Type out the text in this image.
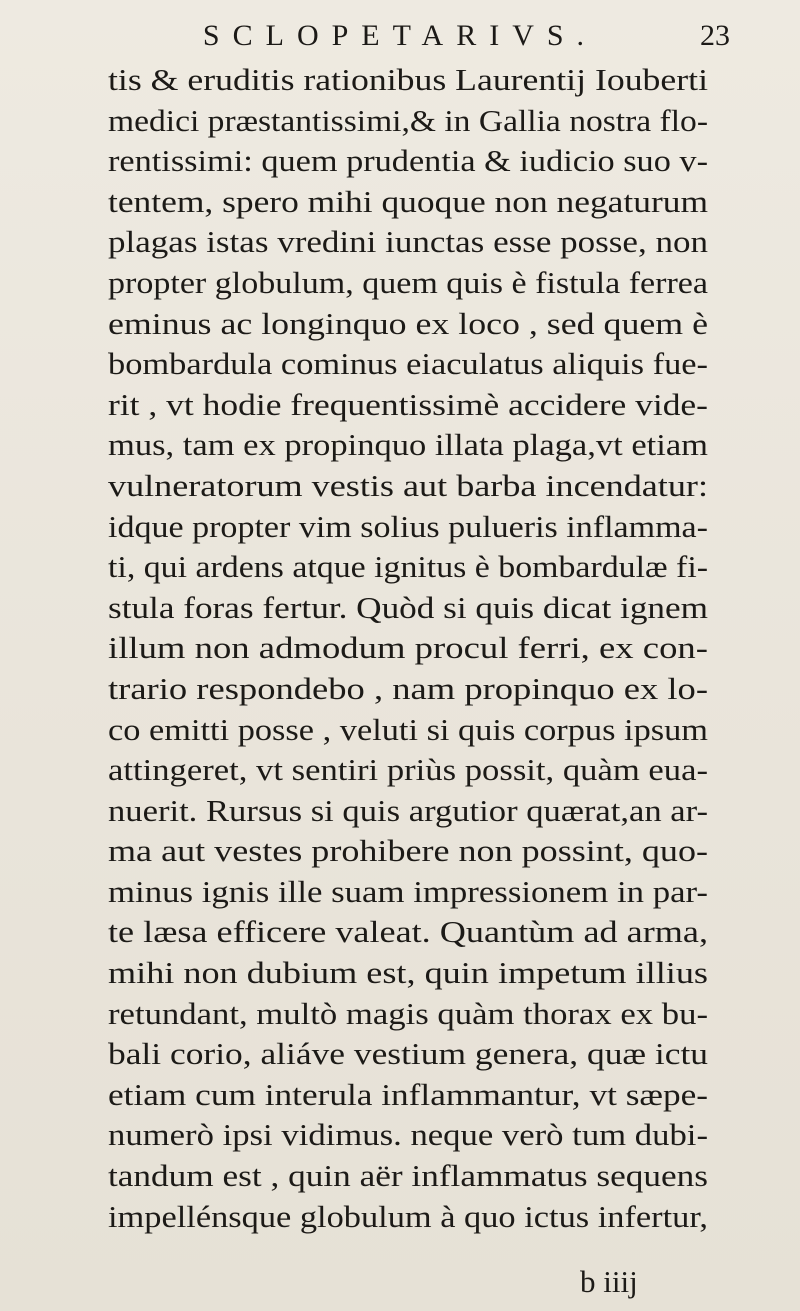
SCLOPETARIVS.	23
tis & eruditis rationibus Laurentij Iouberti
medici præstantissimi,& in Gallia nostra flo-
rentissimi: quem prudentia & iudicio suo v-
tentem, spero mihi quoque non negaturum
plagas istas vredini iunctas esse posse, non
propter globulum, quem quis è fistula ferrea
eminus ac longinquo ex loco , sed quem è
bombardula cominus eiaculatus aliquis fue-
rit , vt hodie frequentissimè accidere vide-
mus, tam ex propinquo illata plaga,vt etiam
vulneratorum vestis aut barba incendatur:
idque propter vim solius pulueris inflamma-
ti, qui ardens atque ignitus è bombardulæ fi-
stula foras fertur. Quòd si quis dicat ignem
illum non admodum procul ferri, ex con-
trario respondebo , nam propinquo ex lo-
co emitti posse , veluti si quis corpus ipsum
attingeret, vt sentiri priùs possit, quàm eua-
nuerit. Rursus si quis argutior quærat,an ar-
ma aut vestes prohibere non possint, quo-
minus ignis ille suam impressionem in par-
te læsa efficere valeat. Quantùm ad arma,
mihi non dubium est, quin impetum illius
retundant, multò magis quàm thorax ex bu-
bali corio, aliáve vestium genera, quæ ictu
etiam cum interula inflammantur, vt sæpe-
numerò ipsi vidimus. neque verò tum dubi-
tandum est , quin aër inflammatus sequens
impellénsque globulum à quo ictus infertur,
b iiij
